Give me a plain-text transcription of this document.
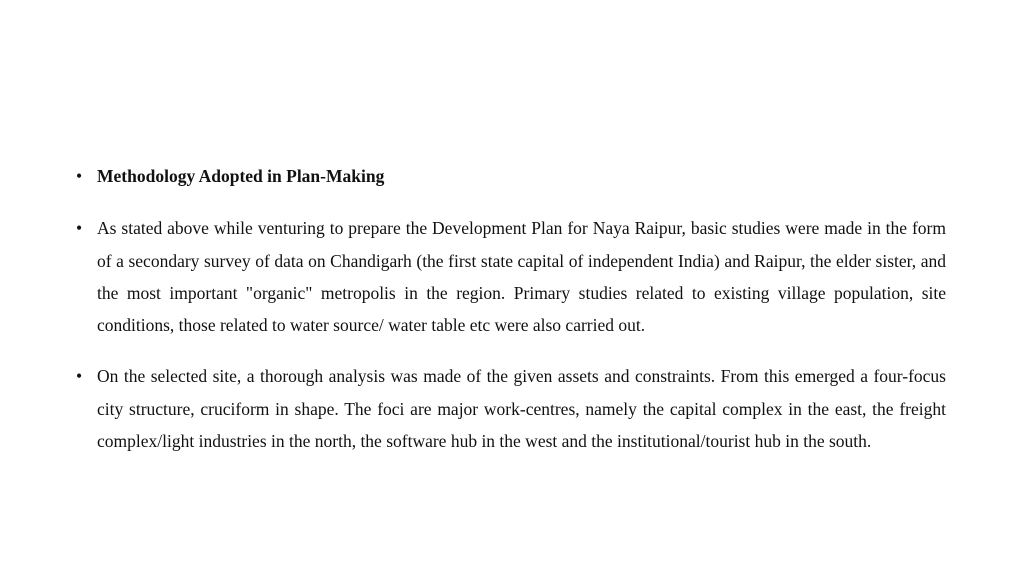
• Methodology Adopted in Plan-Making
• As stated above while venturing to prepare the Development Plan for Naya Raipur, basic studies were made in the form of a secondary survey of data on Chandigarh (the first state capital of independent India) and Raipur, the elder sister, and the most important "organic" metropolis in the region. Primary studies related to existing village population, site conditions, those related to water source/ water table etc were also carried out.
• On the selected site, a thorough analysis was made of the given assets and constraints. From this emerged a four-focus city structure, cruciform in shape. The foci are major work-centres, namely the capital complex in the east, the freight complex/light industries in the north, the software hub in the west and the institutional/tourist hub in the south.
